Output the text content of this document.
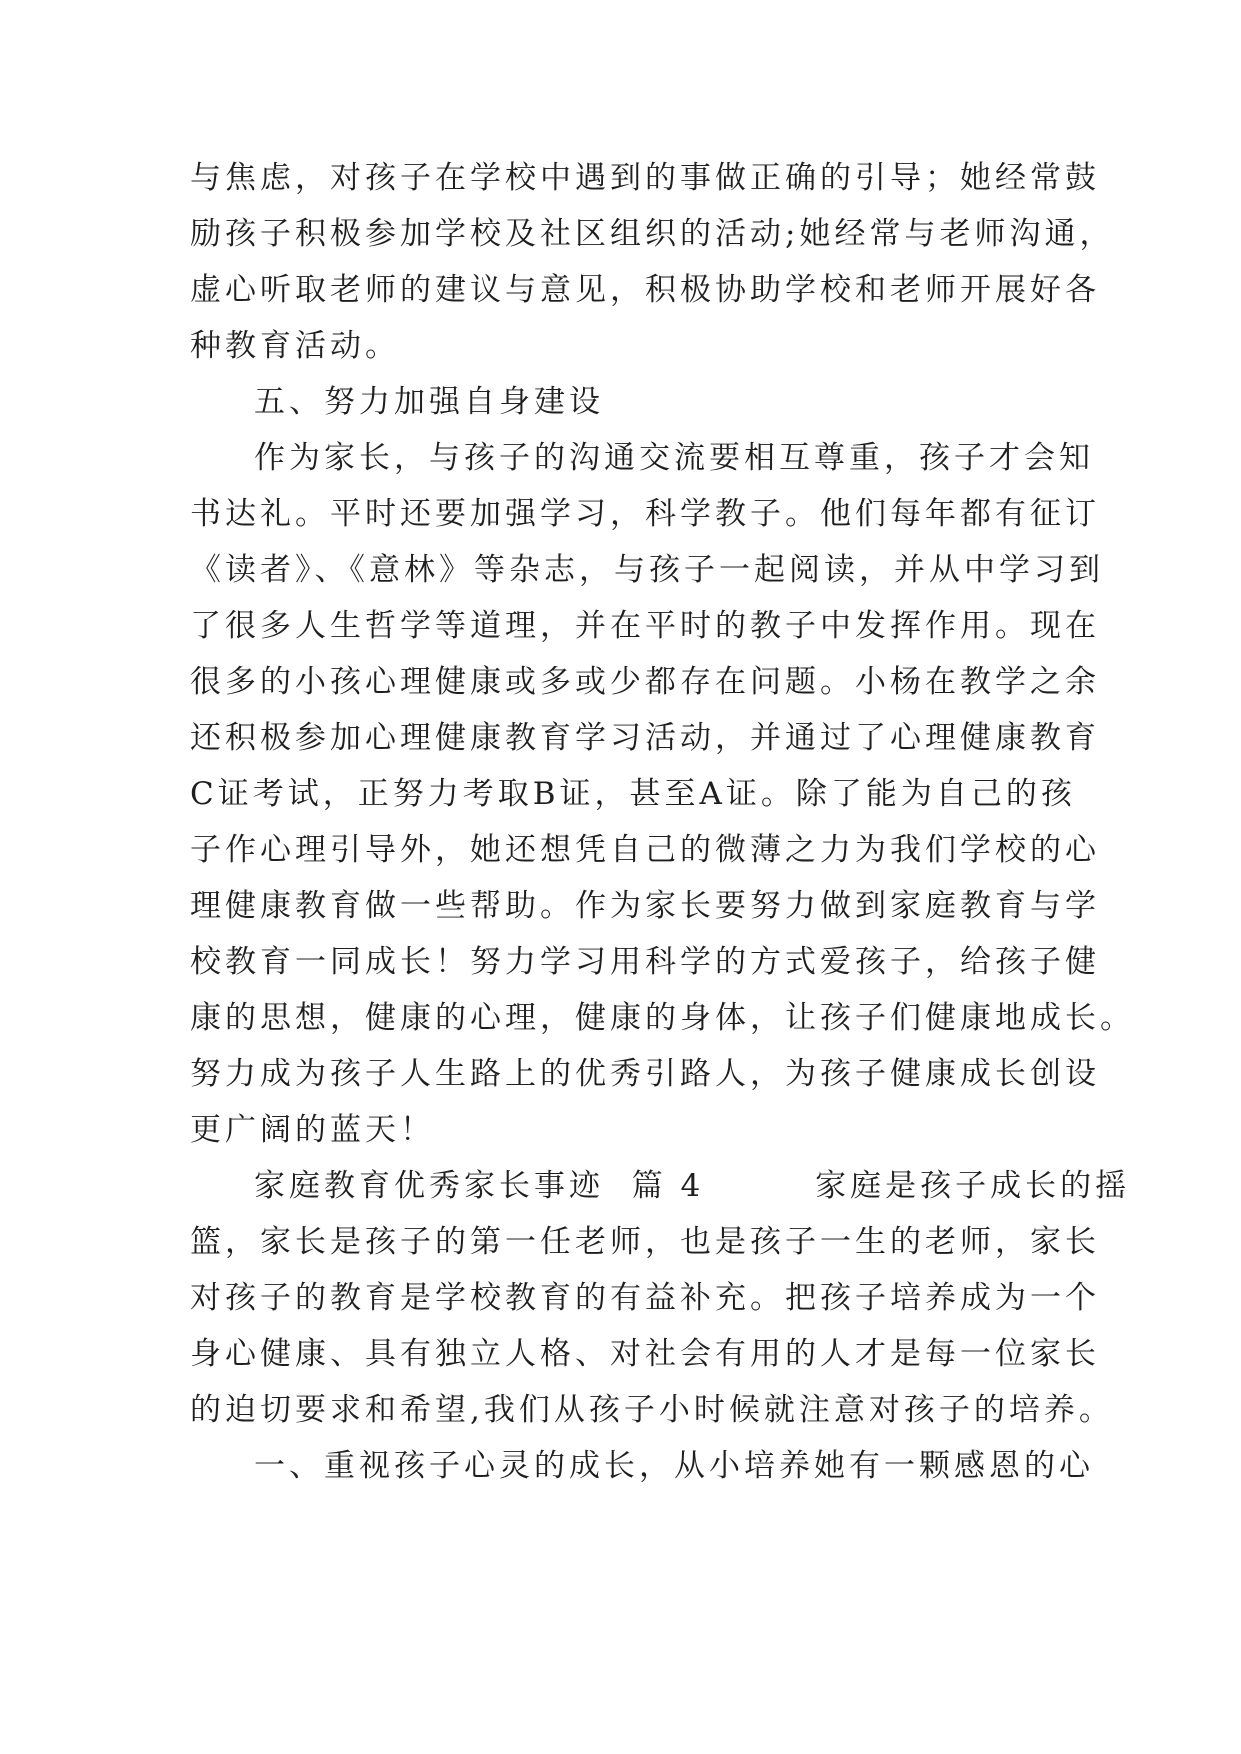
与焦虑，对孩子在学校中遇到的事做正确的引导；她经常鼓
励孩子积极参加学校及社区组织的活动;她经常与老师沟通，
虚心听取老师的建议与意见，积极协助学校和老师开展好各
种教育活动。
五、努力加强自身建设
作为家长，与孩子的沟通交流要相互尊重，孩子才会知
书达礼。平时还要加强学习，科学教子。他们每年都有征订
《读者》、《意林》等杂志，与孩子一起阅读，并从中学习到
了很多人生哲学等道理，并在平时的教子中发挥作用。现在
很多的小孩心理健康或多或少都存在问题。小杨在教学之余
还积极参加心理健康教育学习活动，并通过了心理健康教育
C证考试，正努力考取B证，甚至A证。除了能为自己的孩
子作心理引导外，她还想凭自己的微薄之力为我们学校的心
理健康教育做一些帮助。作为家长要努力做到家庭教育与学
校教育一同成长！努力学习用科学的方式爱孩子，给孩子健
康的思想，健康的心理，健康的身体，让孩子们健康地成长。
努力成为孩子人生路上的优秀引路人，为孩子健康成长创设
更广阔的蓝天！
家庭教育优秀家长事迹  篇 4        家庭是孩子成长的摇
篮，家长是孩子的第一任老师，也是孩子一生的老师，家长
对孩子的教育是学校教育的有益补充。把孩子培养成为一个
身心健康、具有独立人格、对社会有用的人才是每一位家长
的迫切要求和希望,我们从孩子小时候就注意对孩子的培养。
一、重视孩子心灵的成长，从小培养她有一颗感恩的心
